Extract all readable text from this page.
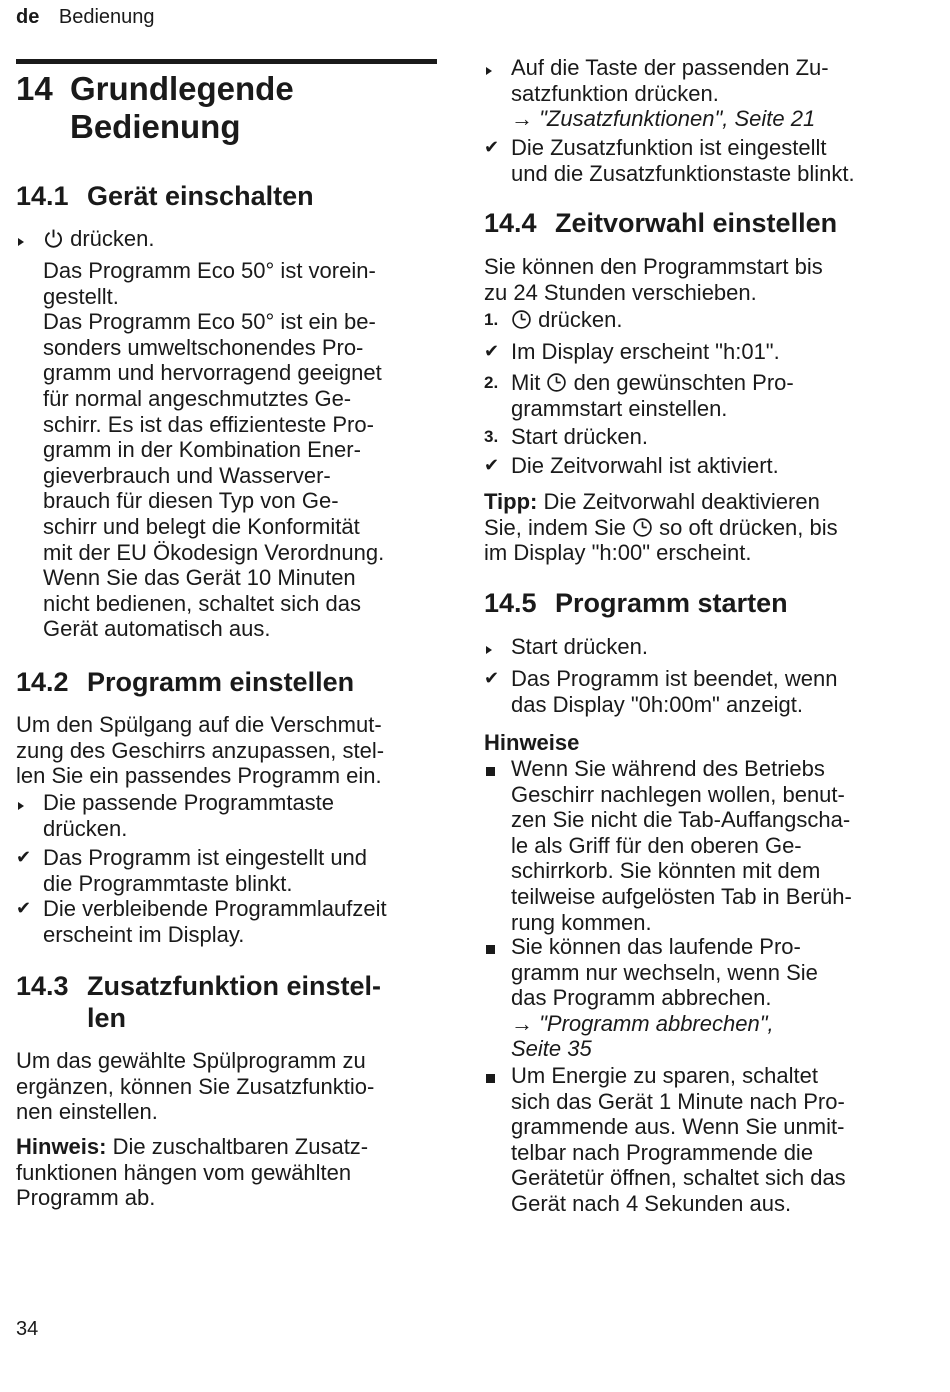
de Bedienung
14 Grundlegende
Bedienung
14.1 Gerät einschalten
drücken.
Das Programm Eco 50° ist vorein-
gestellt.
Das Programm Eco 50° ist ein be-
sonders umweltschonendes Pro-
gramm und hervorragend geeignet
für normal angeschmutztes Ge-
schirr. Es ist das effizienteste Pro-
gramm in der Kombination Ener-
gieverbrauch und Wasserver-
brauch für diesen Typ von Ge-
schirr und belegt die Konformität
mit der EU Ökodesign Verordnung.
Wenn Sie das Gerät 10 Minuten
nicht bedienen, schaltet sich das
Gerät automatisch aus.
14.2 Programm einstellen
Um den Spülgang auf die Verschmut-
zung des Geschirrs anzupassen, stel-
len Sie ein passendes Programm ein.
Die passende Programmtaste
drücken.
✔ Das Programm ist eingestellt und
die Programmtaste blinkt.
✔ Die verbleibende Programmlaufzeit
erscheint im Display.
14.3 Zusatzfunktion einstel-
len
Um das gewählte Spülprogramm zu
ergänzen, können Sie Zusatzfunktio-
nen einstellen.
Hinweis: Die zuschaltbaren Zusatz-
funktionen hängen vom gewählten
Programm ab.
Auf die Taste der passenden Zu-
satzfunktion drücken.
→ "Zusatzfunktionen", Seite 21
✔ Die Zusatzfunktion ist eingestellt
und die Zusatzfunktionstaste blinkt.
14.4 Zeitvorwahl einstellen
Sie können den Programmstart bis
zu 24 Stunden verschieben.
1.	drücken.
✔ Im Display erscheint "h:01".
2. Mit den gewünschten Pro-
grammstart einstellen.
3. Start drücken.
✔ Die Zeitvorwahl ist aktiviert.
Tipp: Die Zeitvorwahl deaktivieren
Sie, indem Sie so oft drücken, bis
im Display "h:00" erscheint.
14.5 Programm starten
Start drücken.
✔ Das Programm ist beendet, wenn
das Display "0h:00m" anzeigt.
Hinweise
Wenn Sie während des Betriebs
Geschirr nachlegen wollen, benut-
zen Sie nicht die Tab-Auffangscha-
le als Griff für den oberen Ge-
schirrkorb. Sie könnten mit dem
teilweise aufgelösten Tab in Berüh-
rung kommen.
Sie können das laufende Pro-
gramm nur wechseln, wenn Sie
das Programm abbrechen.
→ "Programm abbrechen",
Seite 35
Um Energie zu sparen, schaltet
sich das Gerät 1 Minute nach Pro-
grammende aus. Wenn Sie unmit-
telbar nach Programmende die
Gerätetür öffnen, schaltet sich das
Gerät nach 4 Sekunden aus.
34
